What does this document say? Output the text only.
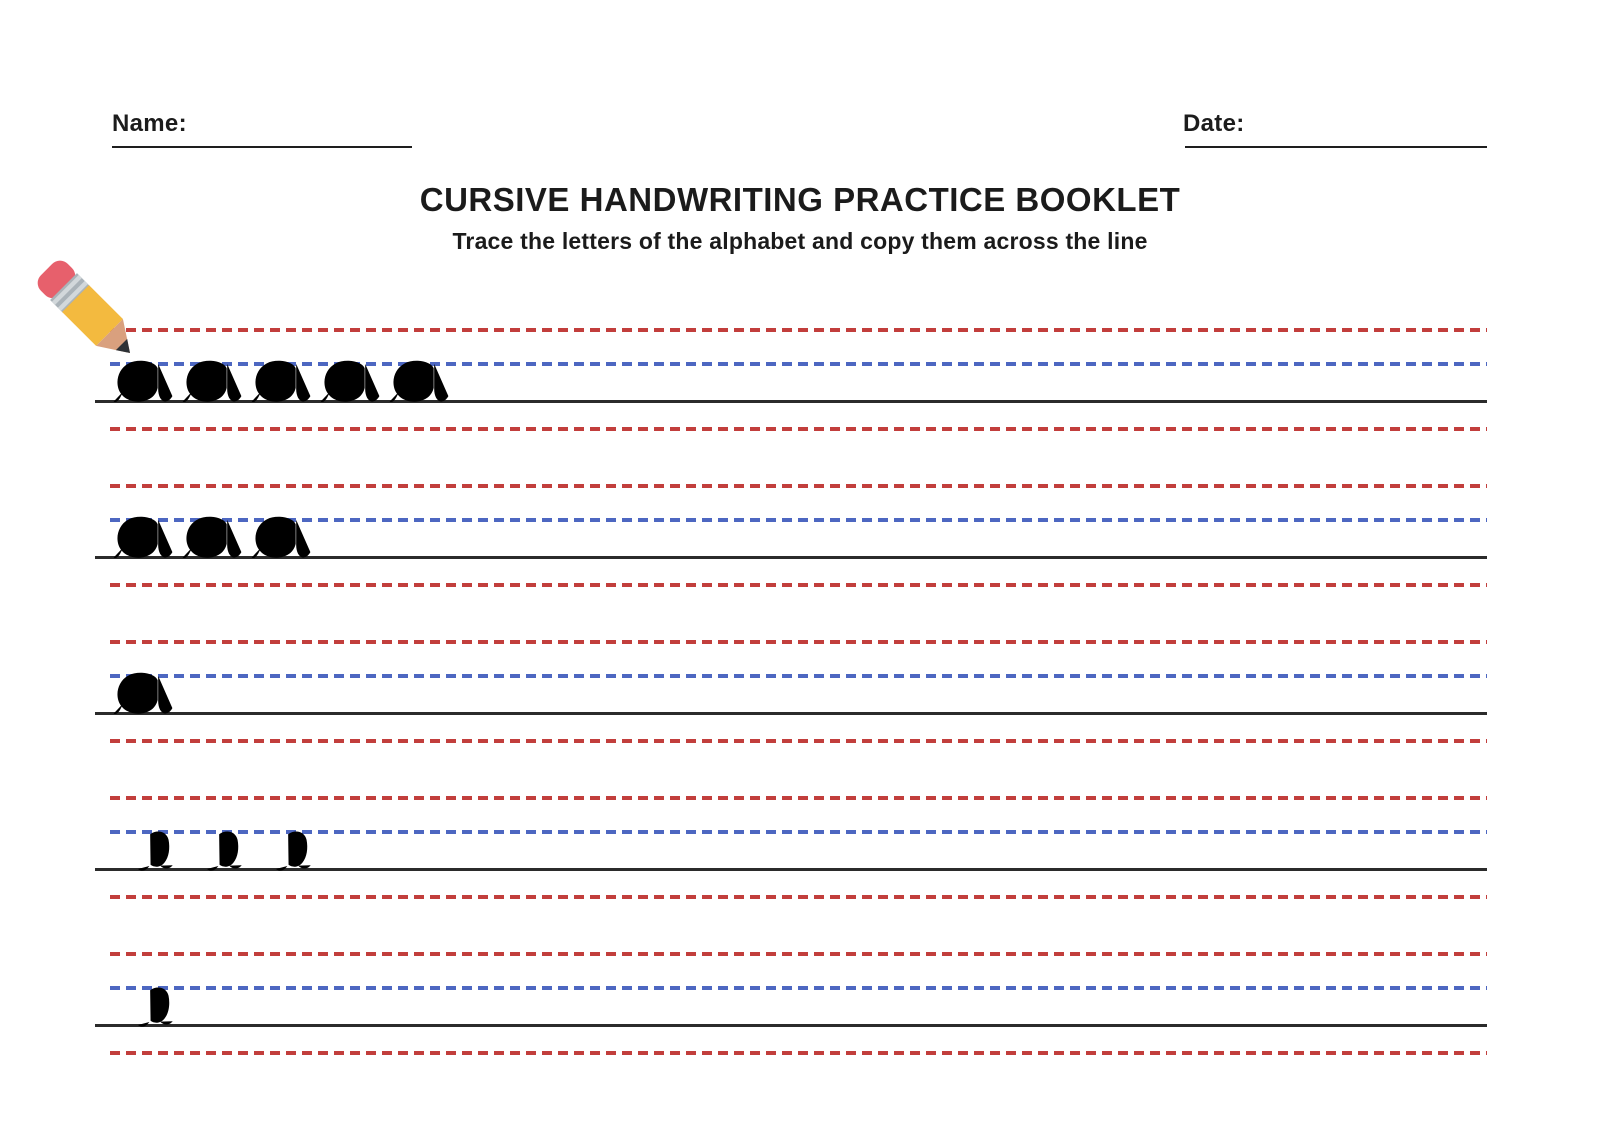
Name:	Date:
CURSIVE HANDWRITING PRACTICE BOOKLET
Trace the letters of the alphabet and copy them across the line
